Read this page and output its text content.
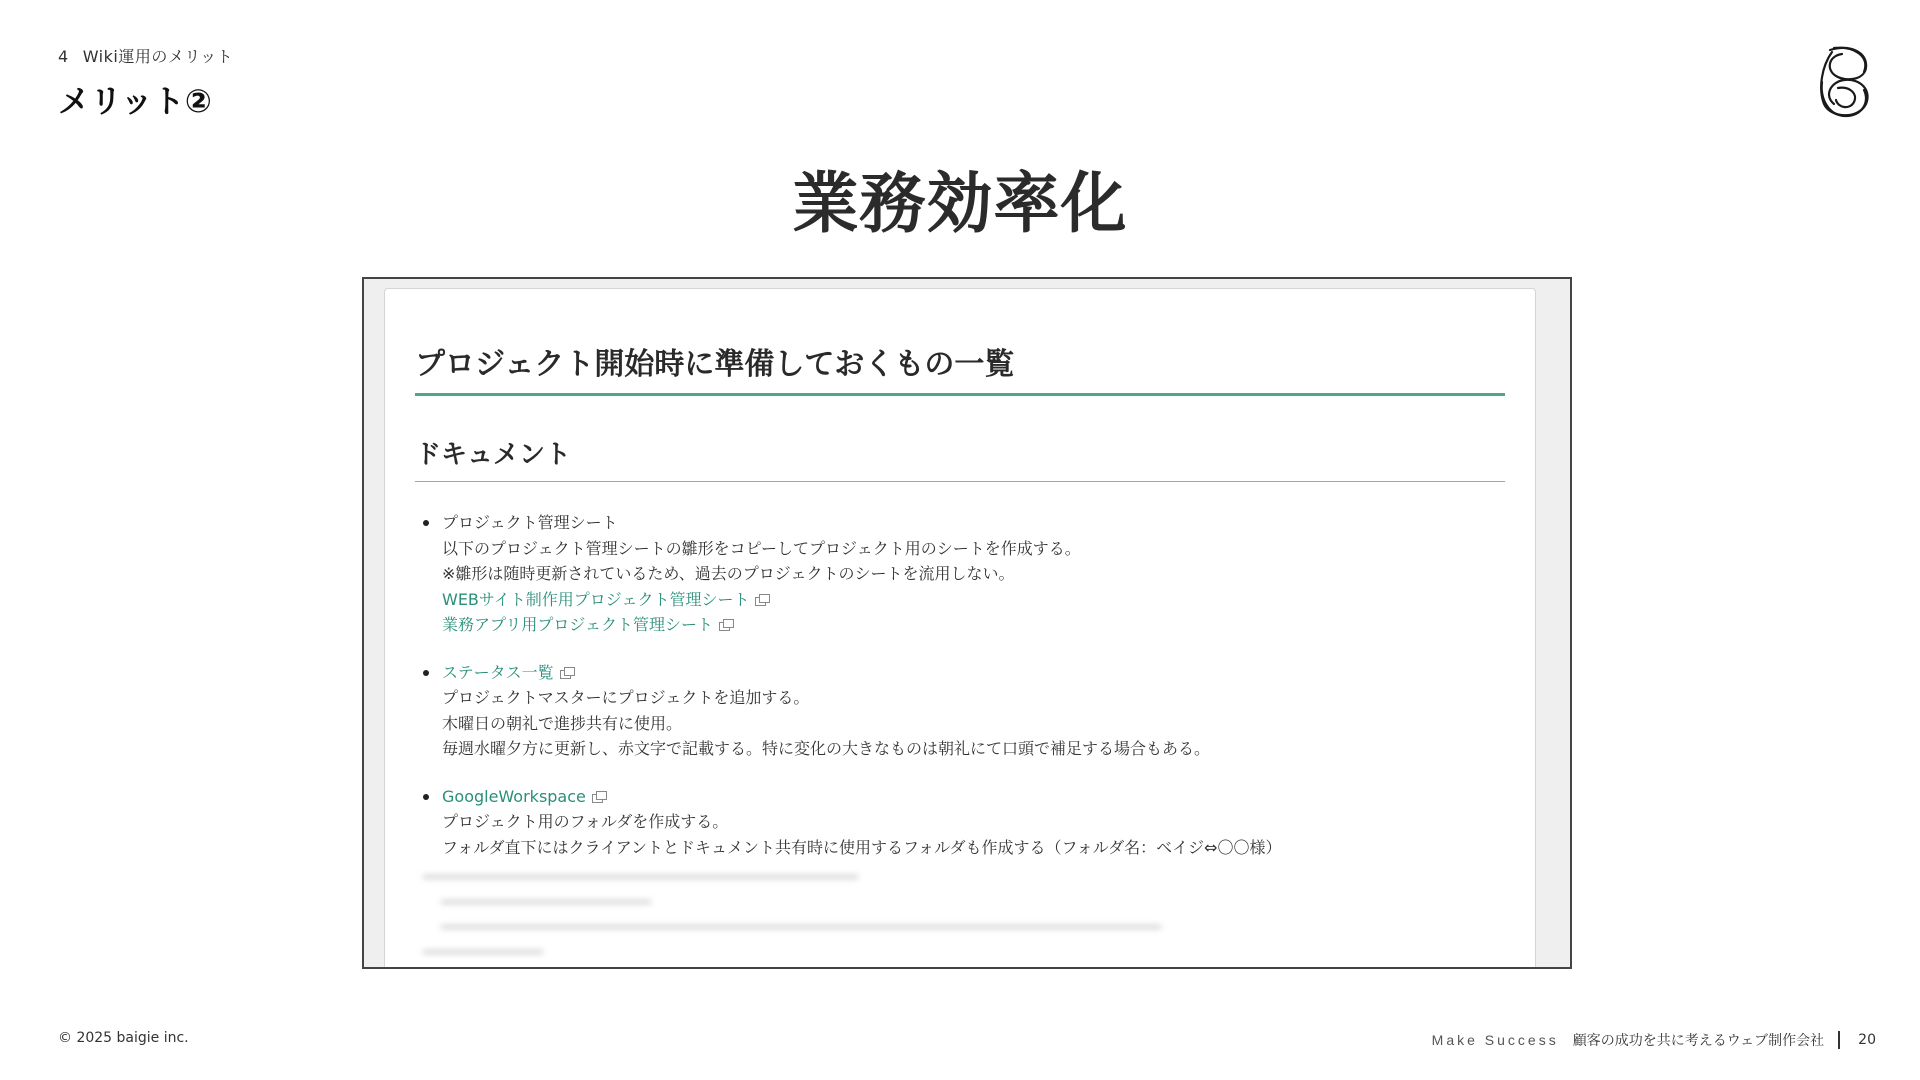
4 Wiki運用のメリット
メリット②
業務効率化
プロジェクト開始時に準備しておくもの一覧
ドキュメント
プロジェクト管理シート
以下のプロジェクト管理シートの雛形をコピーしてプロジェクト用のシートを作成する。
※雛形は随時更新されているため、過去のプロジェクトのシートを流用しない。
WEBサイト制作用プロジェクト管理シート
業務アプリ用プロジェクト管理シート
ステータス一覧
プロジェクトマスターにプロジェクトを追加する。
木曜日の朝礼で進捗共有に使用。
毎週水曜夕方に更新し、赤文字で記載する。特に変化の大きなものは朝礼にて口頭で補足する場合もある。
GoogleWorkspace
プロジェクト用のフォルダを作成する。
フォルダ直下にはクライアントとドキュメント共有時に使用するフォルダも作成する（フォルダ名：ベイジ⇔〇〇様）
―――――――――――――――――――――――――――――
――――――――――――――
――――――――――――――――――――――――――――――――――――――――――――――――
――――――――
© 2025 baigie inc.	Make Success 顧客の成功を共に考えるウェブ制作会社 20
